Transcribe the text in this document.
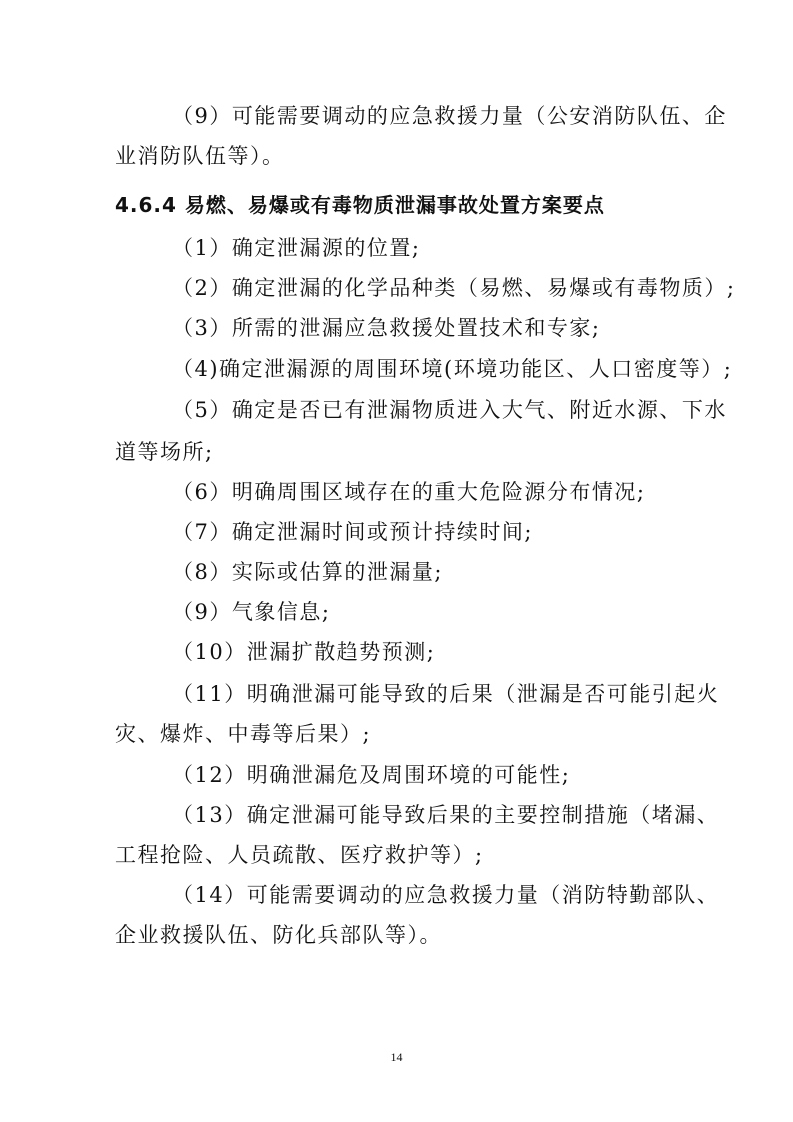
（9）可能需要调动的应急救援力量（公安消防队伍、企
业消防队伍等）。
4.6.4 易燃、易爆或有毒物质泄漏事故处置方案要点
（1）确定泄漏源的位置;
（2）确定泄漏的化学品种类（易燃、易爆或有毒物质）;
（3）所需的泄漏应急救援处置技术和专家;
（4)确定泄漏源的周围环境(环境功能区、人口密度等）;
（5）确定是否已有泄漏物质进入大气、附近水源、下水
道等场所;
（6）明确周围区域存在的重大危险源分布情况;
（7）确定泄漏时间或预计持续时间;
（8）实际或估算的泄漏量;
（9）气象信息;
（10）泄漏扩散趋势预测;
（11）明确泄漏可能导致的后果（泄漏是否可能引起火
灾、爆炸、中毒等后果）;
（12）明确泄漏危及周围环境的可能性;
（13）确定泄漏可能导致后果的主要控制措施（堵漏、
工程抢险、人员疏散、医疗救护等）;
（14）可能需要调动的应急救援力量（消防特勤部队、
企业救援队伍、防化兵部队等）。
14
